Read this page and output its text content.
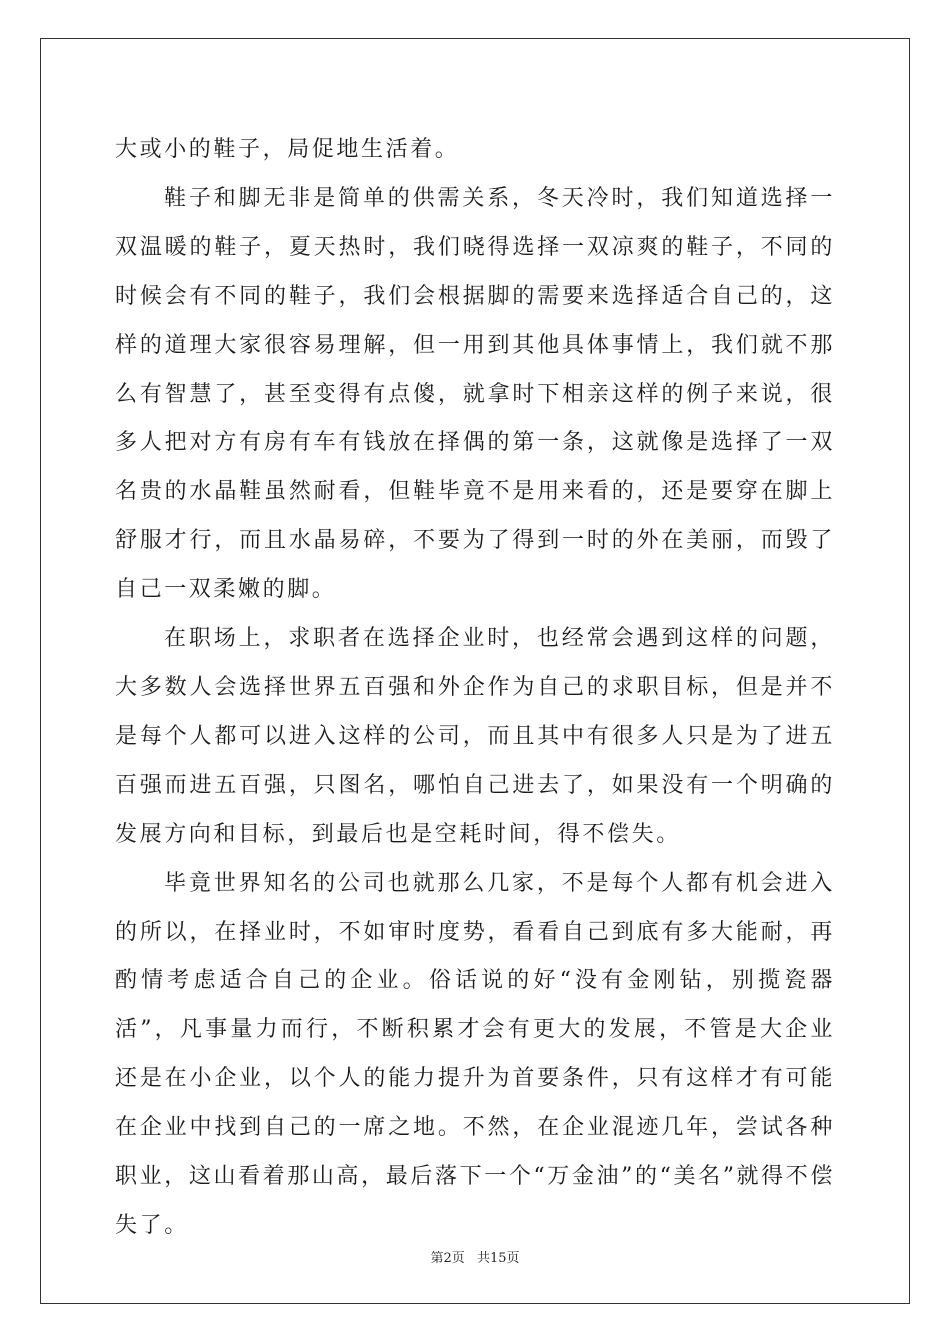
大或小的鞋子，局促地生活着。

鞋子和脚无非是简单的供需关系，冬天冷时，我们知道选择一双温暖的鞋子，夏天热时，我们晓得选择一双凉爽的鞋子，不同的时候会有不同的鞋子，我们会根据脚的需要来选择适合自己的，这样的道理大家很容易理解，但一用到其他具体事情上，我们就不那么有智慧了，甚至变得有点傻，就拿时下相亲这样的例子来说，很多人把对方有房有车有钱放在择偶的第一条，这就像是选择了一双名贵的水晶鞋虽然耐看，但鞋毕竟不是用来看的，还是要穿在脚上舒服才行，而且水晶易碎，不要为了得到一时的外在美丽，而毁了自己一双柔嫩的脚。

在职场上，求职者在选择企业时，也经常会遇到这样的问题，大多数人会选择世界五百强和外企作为自己的求职目标，但是并不是每个人都可以进入这样的公司，而且其中有很多人只是为了进五百强而进五百强，只图名，哪怕自己进去了，如果没有一个明确的发展方向和目标，到最后也是空耗时间，得不偿失。

毕竟世界知名的公司也就那么几家，不是每个人都有机会进入的所以，在择业时，不如审时度势，看看自己到底有多大能耐，再酌情考虑适合自己的企业。俗话说的好“没有金刚钻，别揽瓷器活”，凡事量力而行，不断积累才会有更大的发展，不管是大企业还是在小企业，以个人的能力提升为首要条件，只有这样才有可能在企业中找到自己的一席之地。不然，在企业混迹几年，尝试各种职业，这山看着那山高，最后落下一个“万金油”的“美名”就得不偿失了。

第2页 共15页
